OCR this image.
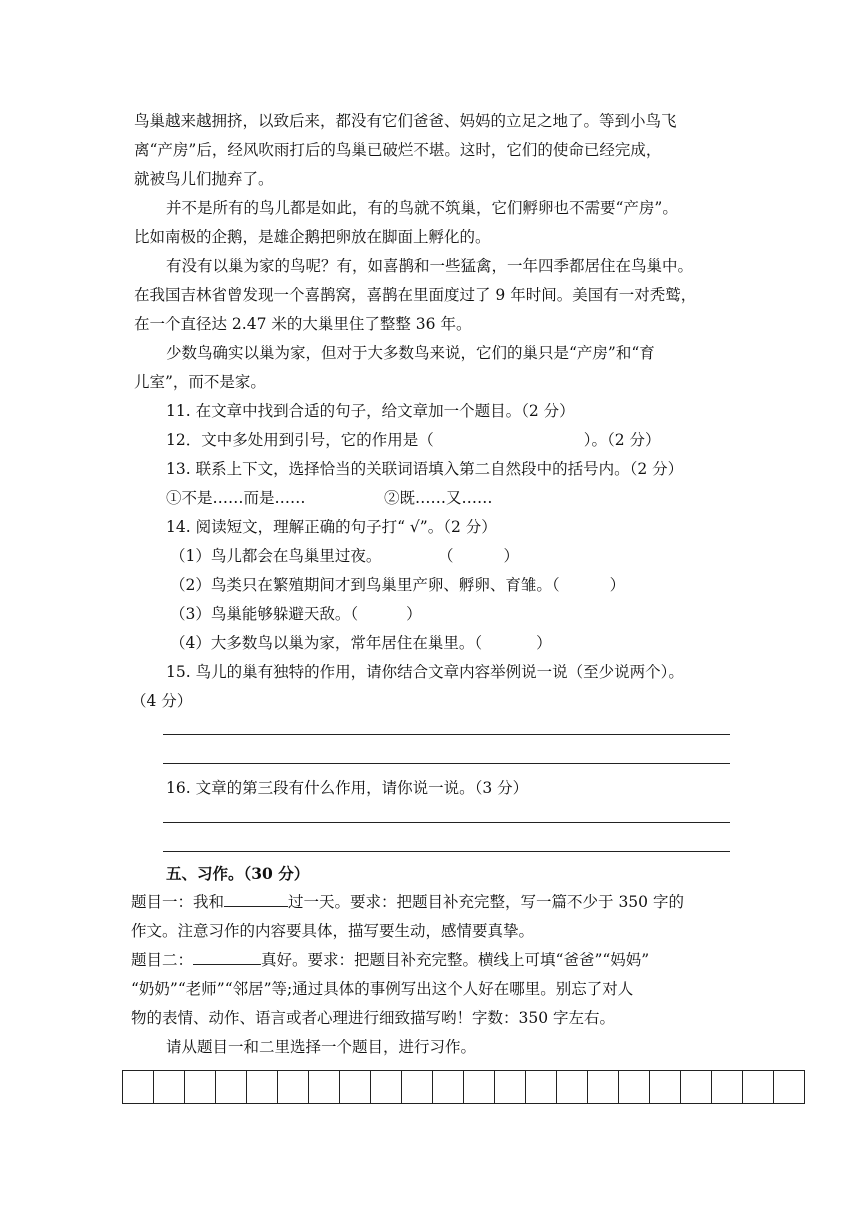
鸟巢越来越拥挤，以致后来，都没有它们爸爸、妈妈的立足之地了。等到小鸟飞
离“产房”后，经风吹雨打后的鸟巢已破烂不堪。这时，它们的使命已经完成，
就被鸟儿们抛弃了。
并不是所有的鸟儿都是如此，有的鸟就不筑巢，它们孵卵也不需要“产房”。
比如南极的企鹅，是雄企鹅把卵放在脚面上孵化的。
有没有以巢为家的鸟呢？有，如喜鹊和一些猛禽，一年四季都居住在鸟巢中。
在我国吉林省曾发现一个喜鹊窝，喜鹊在里面度过了 9 年时间。美国有一对秃鹫，
在一个直径达 2.47 米的大巢里住了整整 36 年。
少数鸟确实以巢为家，但对于大多数鸟来说，它们的巢只是“产房”和“育
儿室”，而不是家。
11. 在文章中找到合适的句子，给文章加一个题目。（2 分）
12．文中多处用到引号，它的作用是（	）。（2 分）
13. 联系上下文，选择恰当的关联词语填入第二自然段中的括号内。（2 分）
①不是……而是……	②既……又……
14. 阅读短文，理解正确的句子打“ √”。（2 分）
（1）鸟儿都会在鸟巢里过夜。	（	）
（2）鸟类只在繁殖期间才到鸟巢里产卵、孵卵、育雏。（	）
（3）鸟巢能够躲避天敌。（	）
（4）大多数鸟以巢为家，常年居住在巢里。（	）
15. 鸟儿的巢有独特的作用，请你结合文章内容举例说一说（至少说两个）。
（4 分）
16. 文章的第三段有什么作用，请你说一说。（3 分）
五、习作。（30 分）
题目一：我和	过一天。要求：把题目补充完整，写一篇不少于 350 字的
作文。注意习作的内容要具体，描写要生动，感情要真挚。
题目二：	真好。要求：把题目补充完整。横线上可填“爸爸”“妈妈”
“奶奶”“老师”“邻居”等;通过具体的事例写出这个人好在哪里。别忘了对人
物的表情、动作、语言或者心理进行细致描写哟！字数：350 字左右。
请从题目一和二里选择一个题目，进行习作。
